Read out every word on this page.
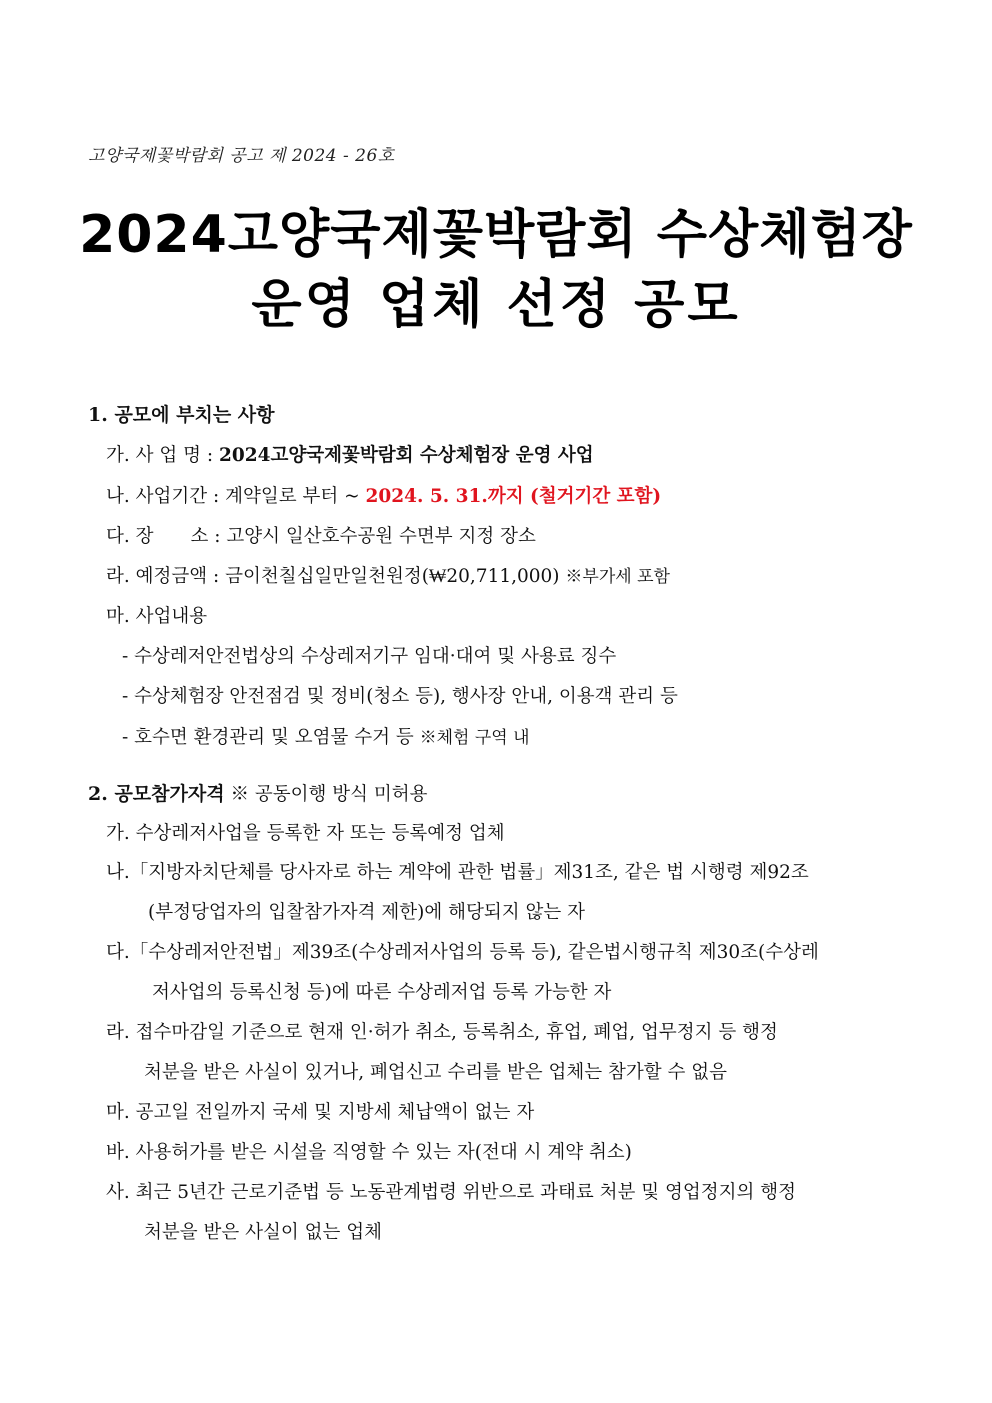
고양국제꽃박람회 공고 제 2024 - 26호
2024고양국제꽃박람회 수상체험장
운영 업체 선정 공모
1. 공모에 부치는 사항
가. 사 업 명 : 2024고양국제꽃박람회 수상체험장 운영 사업
나. 사업기간 : 계약일로 부터 ~ 2024. 5. 31.까지 (철거기간 포함)
다. 장　　소 : 고양시 일산호수공원 수면부 지정 장소
라. 예정금액 : 금이천칠십일만일천원정(₩20,711,000) ※부가세 포함
마. 사업내용
- 수상레저안전법상의 수상레저기구 임대·대여 및 사용료 징수
- 수상체험장 안전점검 및 정비(청소 등), 행사장 안내, 이용객 관리 등
- 호수면 환경관리 및 오염물 수거 등 ※체험 구역 내
2. 공모참가자격 ※ 공동이행 방식 미허용
가. 수상레저사업을 등록한 자 또는 등록예정 업체
나.「지방자치단체를 당사자로 하는 계약에 관한 법률」제31조, 같은 법 시행령 제92조
(부정당업자의 입찰참가자격 제한)에 해당되지 않는 자
다.「수상레저안전법」제39조(수상레저사업의 등록 등), 같은법시행규칙 제30조(수상레
저사업의 등록신청 등)에 따른 수상레저업 등록 가능한 자
라. 접수마감일 기준으로 현재 인·허가 취소, 등록취소, 휴업, 폐업, 업무정지 등 행정
처분을 받은 사실이 있거나, 폐업신고 수리를 받은 업체는 참가할 수 없음
마. 공고일 전일까지 국세 및 지방세 체납액이 없는 자
바. 사용허가를 받은 시설을 직영할 수 있는 자(전대 시 계약 취소)
사. 최근 5년간 근로기준법 등 노동관계법령 위반으로 과태료 처분 및 영업정지의 행정
처분을 받은 사실이 없는 업체
